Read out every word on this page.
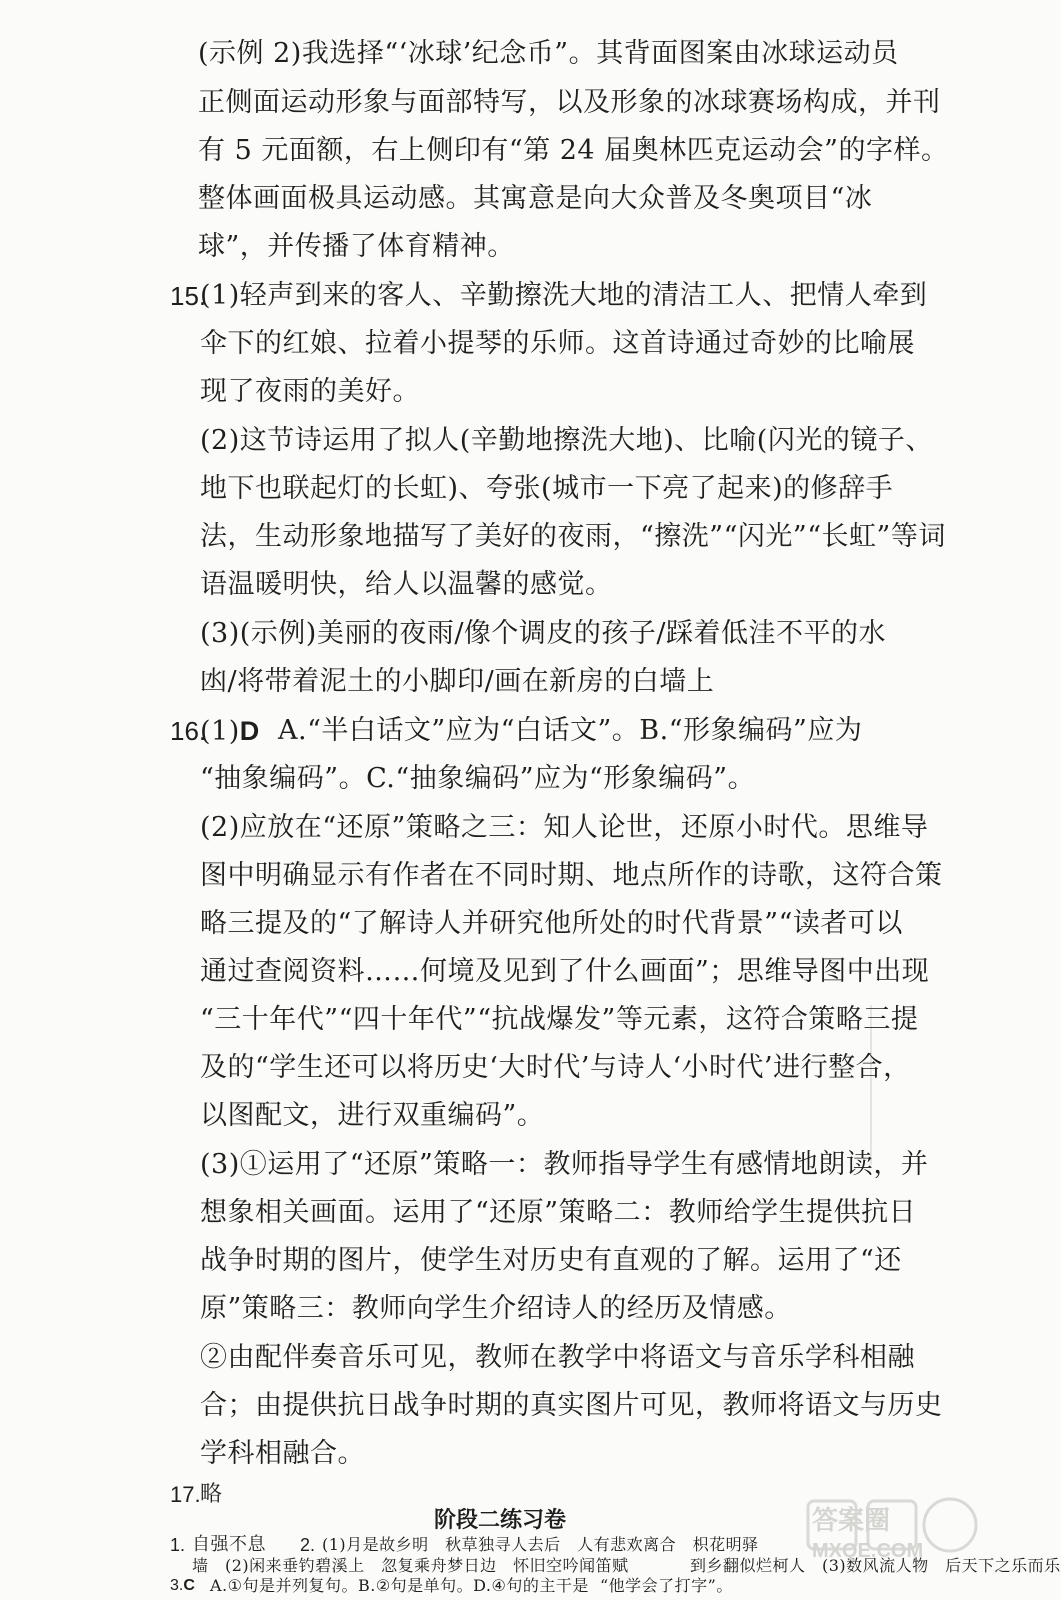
(示例 2)我选择“‘冰球’纪念币”。其背面图案由冰球运动员
正侧面运动形象与面部特写，以及形象的冰球赛场构成，并刊
有 5 元面额，右上侧印有“第 24 届奥林匹克运动会”的字样。
整体画面极具运动感。其寓意是向大众普及冬奥项目“冰
球”，并传播了体育精神。
(1)轻声到来的客人、辛勤擦洗大地的清洁工人、把情人牵到
伞下的红娘、拉着小提琴的乐师。这首诗通过奇妙的比喻展
现了夜雨的美好。
(2)这节诗运用了拟人(辛勤地擦洗大地)、比喻(闪光的镜子、
地下也联起灯的长虹)、夸张(城市一下亮了起来)的修辞手
法，生动形象地描写了美好的夜雨，“擦洗”“闪光”“长虹”等词
语温暖明快，给人以温馨的感觉。
(3)(示例)美丽的夜雨/像个调皮的孩子/踩着低洼不平的水
凼/将带着泥土的小脚印/画在新房的白墙上
A.“半白话文”应为“白话文”。B.“形象编码”应为
“抽象编码”。C.“抽象编码”应为“形象编码”。
(2)应放在“还原”策略之三：知人论世，还原小时代。思维导
图中明确显示有作者在不同时期、地点所作的诗歌，这符合策
略三提及的“了解诗人并研究他所处的时代背景”“读者可以
通过查阅资料……何境及见到了什么画面”；思维导图中出现
“三十年代”“四十年代”“抗战爆发”等元素，这符合策略三提
及的“学生还可以将历史‘大时代’与诗人‘小时代’进行整合，
以图配文，进行双重编码”。
(3)①运用了“还原”策略一：教师指导学生有感情地朗读，并
想象相关画面。运用了“还原”策略二：教师给学生提供抗日
战争时期的图片，使学生对历史有直观的了解。运用了“还
原”策略三：教师向学生介绍诗人的经历及情感。
②由配伴奏音乐可见，教师在教学中将语文与音乐学科相融
合；由提供抗日战争时期的真实图片可见，教师将语文与历史
学科相融合。
15.
16.
(1)D
17. 略
阶段二练习卷
1. 自强不息 2. (1)月是故乡明　秋草独寻人去后　人有悲欢离合　枳花明驿
墙　(2)闲来垂钓碧溪上　忽复乘舟梦日边　怀旧空吟闻笛赋	到乡翻似烂柯人　(3)数风流人物　后天下之乐而乐
3.C A.①句是并列复句。B.②句是单句。D.④句的主干是 “他学会了打字”。
答案圈
MXQE.COM
